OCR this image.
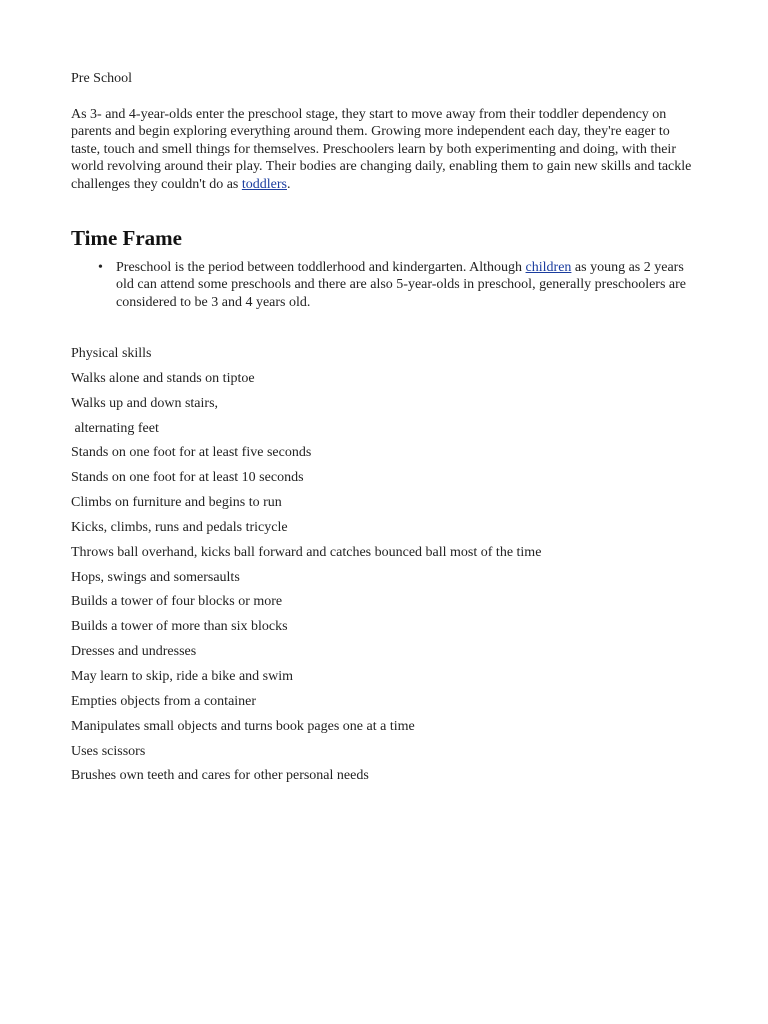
Pre School

As 3- and 4-year-olds enter the preschool stage, they start to move away from their toddler dependency on parents and begin exploring everything around them. Growing more independent each day, they're eager to taste, touch and smell things for themselves. Preschoolers learn by both experimenting and doing, with their world revolving around their play. Their bodies are changing daily, enabling them to gain new skills and tackle challenges they couldn't do as toddlers.

Time Frame
• Preschool is the period between toddlerhood and kindergarten. Although children as young as 2 years old can attend some preschools and there are also 5-year-olds in preschool, generally preschoolers are considered to be 3 and 4 years old.
Physical skills
Walks alone and stands on tiptoe
Walks up and down stairs,
alternating feet
Stands on one foot for at least five seconds
Stands on one foot for at least 10 seconds
Climbs on furniture and begins to run
Kicks, climbs, runs and pedals tricycle
Throws ball overhand, kicks ball forward and catches bounced ball most of the time
Hops, swings and somersaults
Builds a tower of four blocks or more
Builds a tower of more than six blocks
Dresses and undresses
May learn to skip, ride a bike and swim
Empties objects from a container
Manipulates small objects and turns book pages one at a time
Uses scissors
Brushes own teeth and cares for other personal needs
